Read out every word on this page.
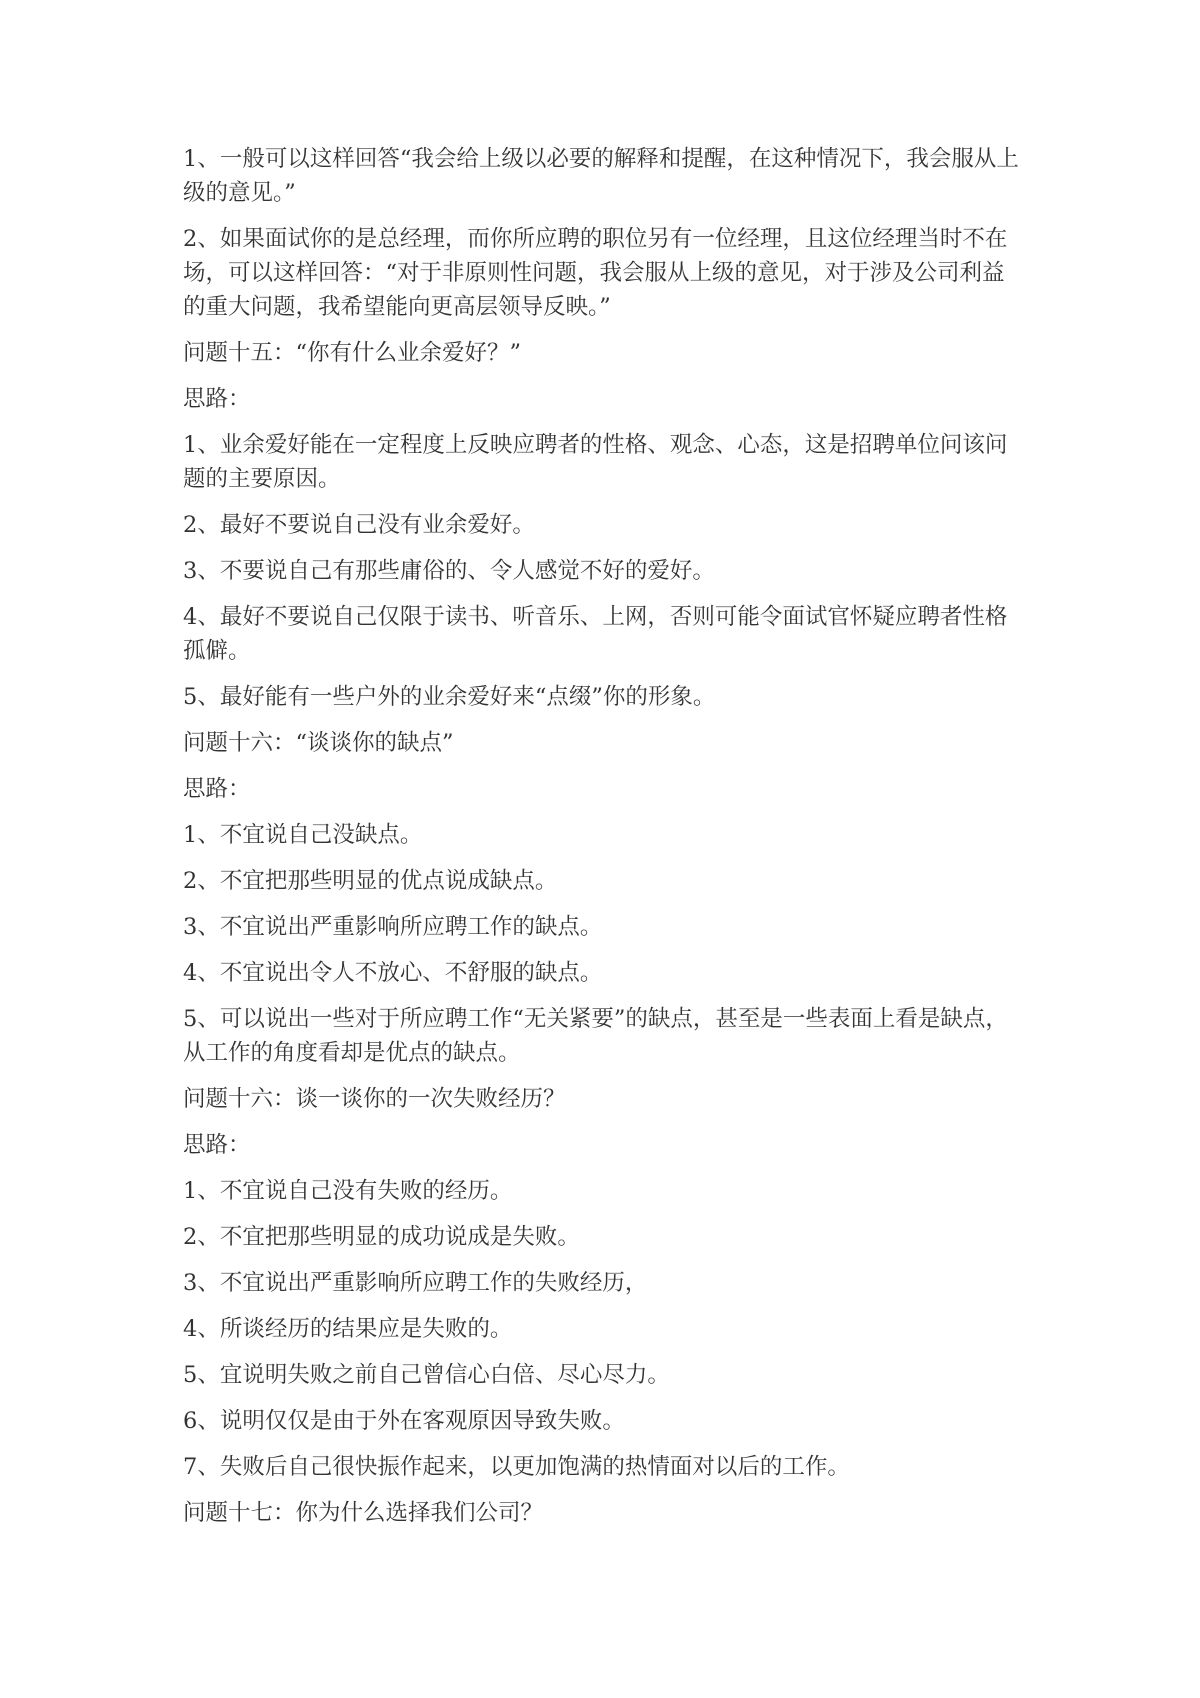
1、一般可以这样回答“我会给上级以必要的解释和提醒，在这种情况下，我会服从上级的意见。”

2、如果面试你的是总经理，而你所应聘的职位另有一位经理，且这位经理当时不在场，可以这样回答：“对于非原则性问题，我会服从上级的意见，对于涉及公司利益的重大问题，我希望能向更高层领导反映。”

问题十五：“你有什么业余爱好？”

思路：

1、业余爱好能在一定程度上反映应聘者的性格、观念、心态，这是招聘单位问该问题的主要原因。

2、最好不要说自己没有业余爱好。

3、不要说自己有那些庸俗的、令人感觉不好的爱好。

4、最好不要说自己仅限于读书、听音乐、上网，否则可能令面试官怀疑应聘者性格孤僻。

5、最好能有一些户外的业余爱好来“点缀”你的形象。

问题十六：“谈谈你的缺点”

思路：

1、不宜说自己没缺点。

2、不宜把那些明显的优点说成缺点。

3、不宜说出严重影响所应聘工作的缺点。

4、不宜说出令人不放心、不舒服的缺点。

5、可以说出一些对于所应聘工作“无关紧要”的缺点，甚至是一些表面上看是缺点，从工作的角度看却是优点的缺点。

问题十六：谈一谈你的一次失败经历？

思路：

1、不宜说自己没有失败的经历。

2、不宜把那些明显的成功说成是失败。

3、不宜说出严重影响所应聘工作的失败经历，

4、所谈经历的结果应是失败的。

5、宜说明失败之前自己曾信心白倍、尽心尽力。

6、说明仅仅是由于外在客观原因导致失败。

7、失败后自己很快振作起来，以更加饱满的热情面对以后的工作。

问题十七：你为什么选择我们公司？
